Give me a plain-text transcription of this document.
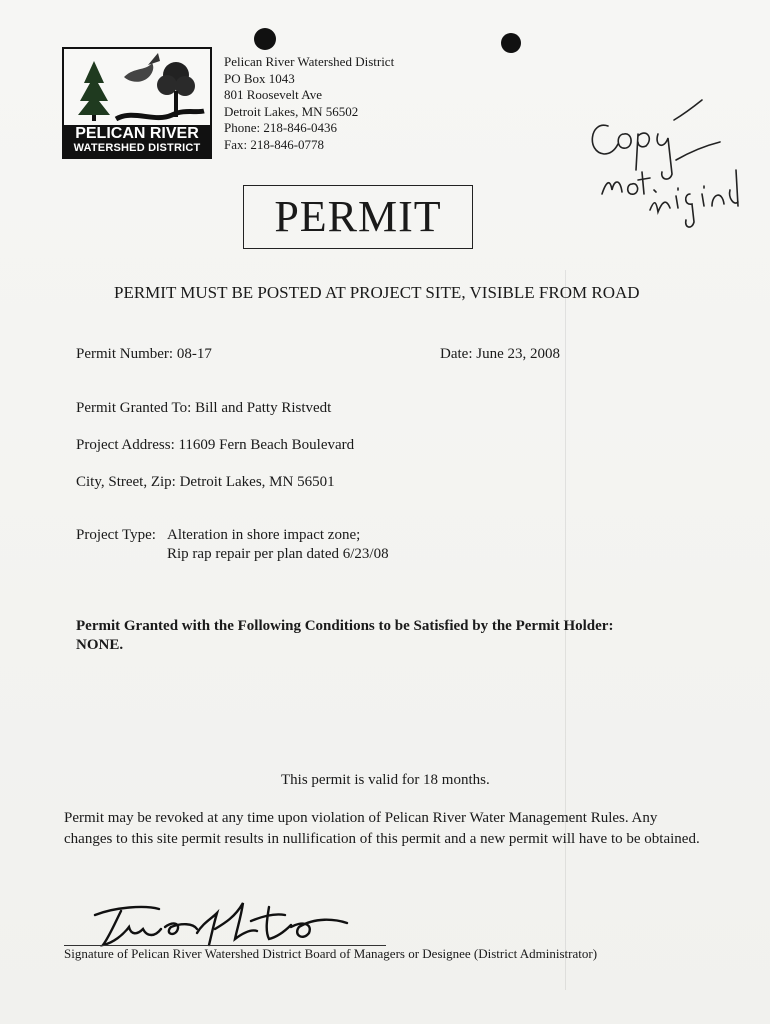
PELICAN RIVER
WATERSHED DISTRICT
Pelican River Watershed District
PO Box 1043
801 Roosevelt Ave
Detroit Lakes, MN 56502
Phone: 218-846-0436
Fax: 218-846-0778
PERMIT
PERMIT MUST BE POSTED AT PROJECT SITE, VISIBLE FROM ROAD
Permit Number: 08-17	Date: June 23, 2008
Permit Granted To: Bill and Patty Ristvedt
Project Address: 11609 Fern Beach Boulevard
City, Street, Zip: Detroit Lakes, MN 56501
Project Type: Alteration in shore impact zone;
Rip rap repair per plan dated 6/23/08
Permit Granted with the Following Conditions to be Satisfied by the Permit Holder:
NONE.
This permit is valid for 18 months.
Permit may be revoked at any time upon violation of Pelican River Water Management Rules. Any changes to this site permit results in nullification of this permit and a new permit will have to be obtained.
Signature of Pelican River Watershed District Board of Managers or Designee (District Administrator)
